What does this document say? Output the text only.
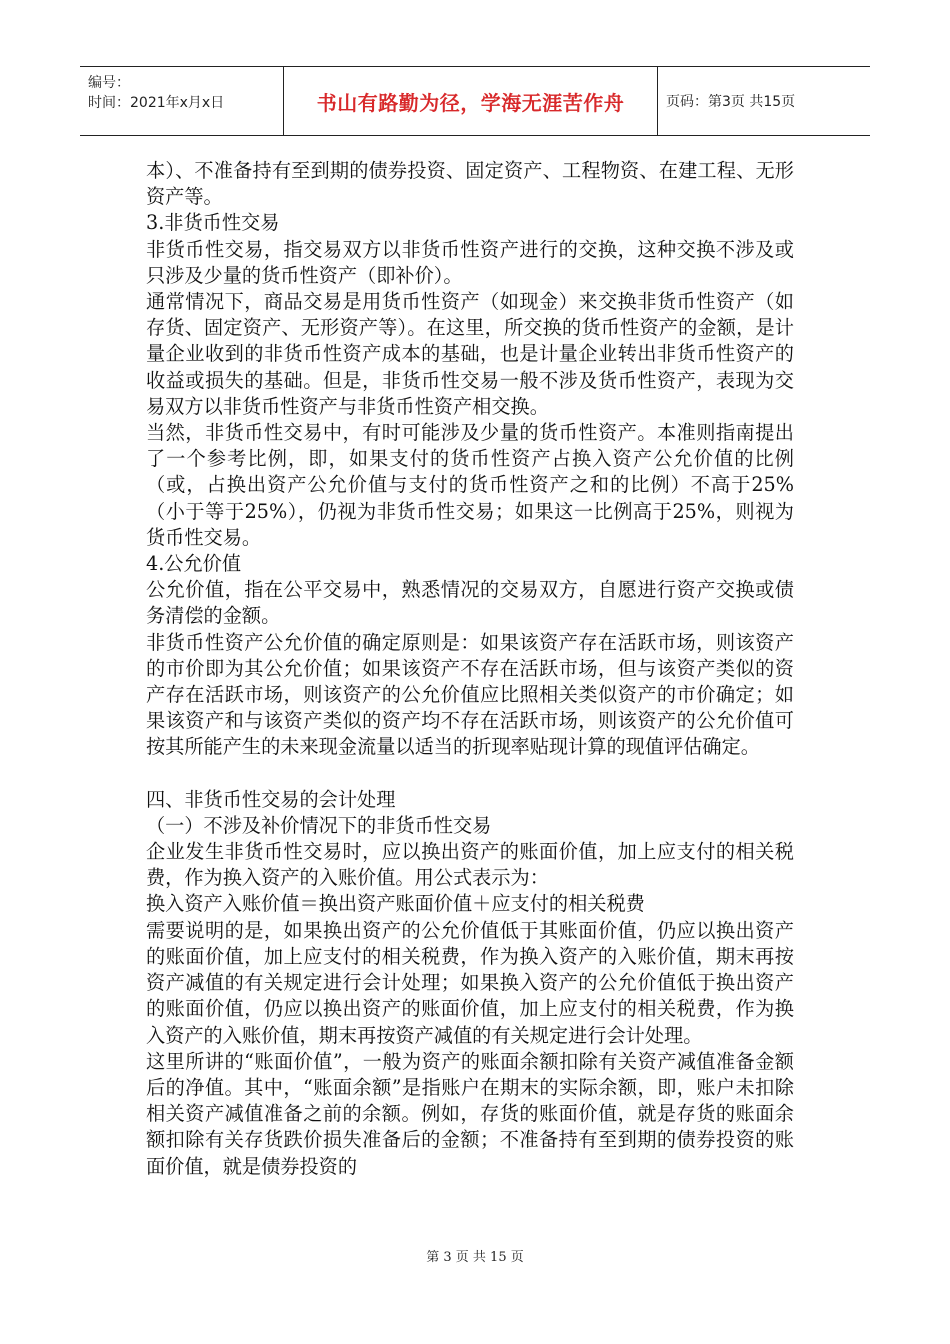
编号：
时间：2021年x月x日	书山有路勤为径，学海无涯苦作舟	页码：第3页 共15页

本）、不准备持有至到期的债券投资、固定资产、工程物资、在建工程、无形资产等。

3.非货币性交易

非货币性交易，指交易双方以非货币性资产进行的交换，这种交换不涉及或只涉及少量的货币性资产（即补价）。

通常情况下，商品交易是用货币性资产（如现金）来交换非货币性资产（如存货、固定资产、无形资产等）。在这里，所交换的货币性资产的金额，是计量企业收到的非货币性资产成本的基础，也是计量企业转出非货币性资产的收益或损失的基础。但是，非货币性交易一般不涉及货币性资产，表现为交易双方以非货币性资产与非货币性资产相交换。

当然，非货币性交易中，有时可能涉及少量的货币性资产。本准则指南提出了一个参考比例，即，如果支付的货币性资产占换入资产公允价值的比例（或，占换出资产公允价值与支付的货币性资产之和的比例）不高于25%（小于等于25%），仍视为非货币性交易；如果这一比例高于25%，则视为货币性交易。

4.公允价值

公允价值，指在公平交易中，熟悉情况的交易双方，自愿进行资产交换或债务清偿的金额。

非货币性资产公允价值的确定原则是：如果该资产存在活跃市场，则该资产的市价即为其公允价值；如果该资产不存在活跃市场，但与该资产类似的资产存在活跃市场，则该资产的公允价值应比照相关类似资产的市价确定；如果该资产和与该资产类似的资产均不存在活跃市场，则该资产的公允价值可按其所能产生的未来现金流量以适当的折现率贴现计算的现值评估确定。

四、非货币性交易的会计处理

（一）不涉及补价情况下的非货币性交易

企业发生非货币性交易时，应以换出资产的账面价值，加上应支付的相关税费，作为换入资产的入账价值。用公式表示为：

换入资产入账价值＝换出资产账面价值＋应支付的相关税费

需要说明的是，如果换出资产的公允价值低于其账面价值，仍应以换出资产的账面价值，加上应支付的相关税费，作为换入资产的入账价值，期末再按资产减值的有关规定进行会计处理；如果换入资产的公允价值低于换出资产的账面价值，仍应以换出资产的账面价值，加上应支付的相关税费，作为换入资产的入账价值，期末再按资产减值的有关规定进行会计处理。

这里所讲的“账面价值”，一般为资产的账面余额扣除有关资产减值准备金额后的净值。其中，“账面余额”是指账户在期末的实际余额，即，账户未扣除相关资产减值准备之前的余额。例如，存货的账面价值，就是存货的账面余额扣除有关存货跌价损失准备后的金额；不准备持有至到期的债券投资的账面价值，就是债券投资的

第 3 页 共 15 页
